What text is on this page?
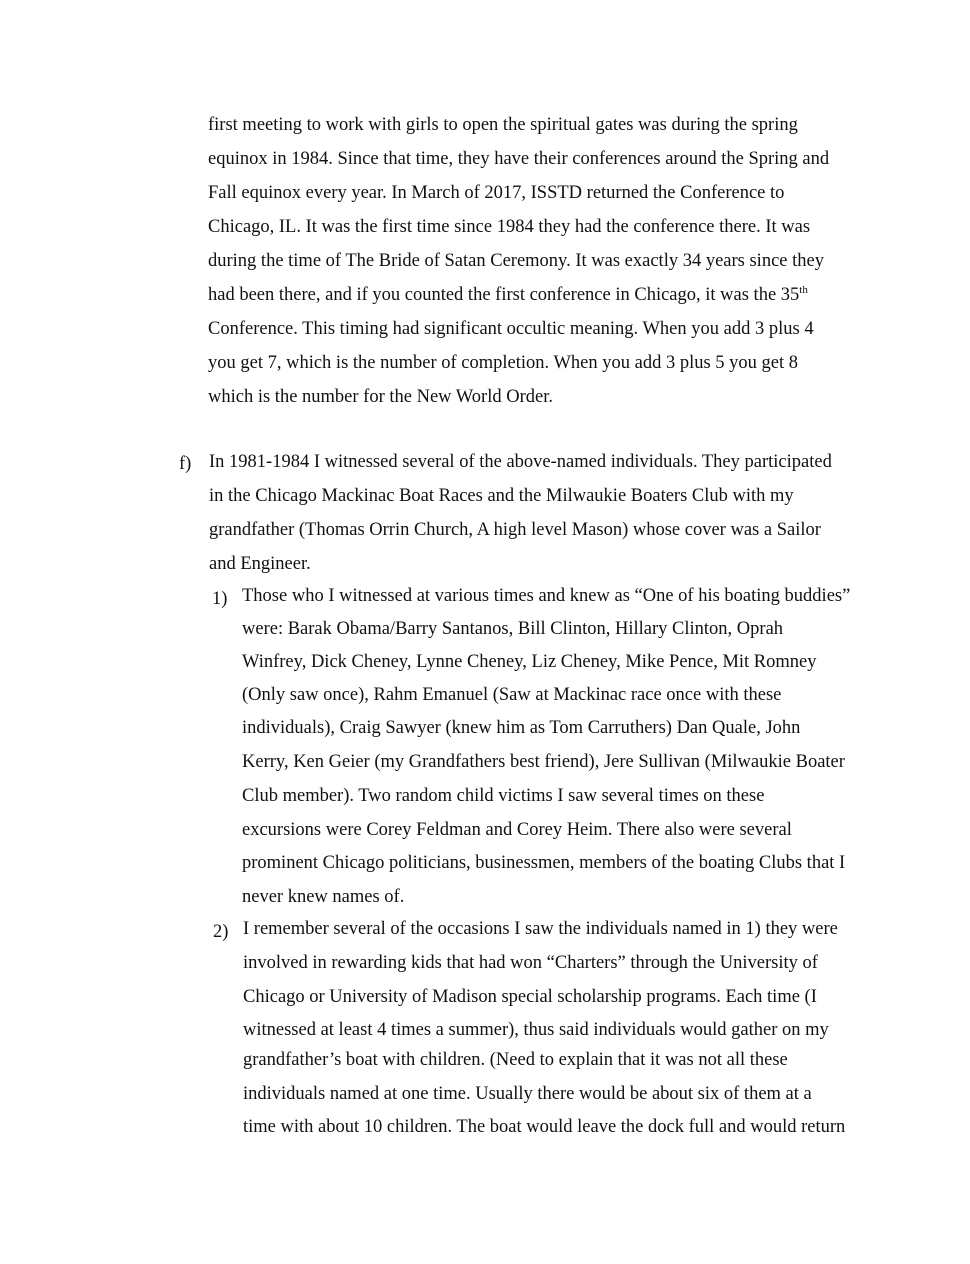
first meeting to work with girls to open the spiritual gates was during the spring
equinox in 1984. Since that time, they have their conferences around the Spring and
Fall equinox every year. In March of 2017, ISSTD returned the Conference to
Chicago, IL. It was the first time since 1984 they had the conference there. It was
during the time of The Bride of Satan Ceremony. It was exactly 34 years since they
had been there, and if you counted the first conference in Chicago, it was the 35th
Conference. This timing had significant occultic meaning. When you add 3 plus 4
you get 7, which is the number of completion. When you add 3 plus 5 you get 8
which is the number for the New World Order.
f) In 1981-1984 I witnessed several of the above-named individuals. They participated
in the Chicago Mackinac Boat Races and the Milwaukie Boaters Club with my
grandfather (Thomas Orrin Church, A high level Mason) whose cover was a Sailor
and Engineer.
1) Those who I witnessed at various times and knew as “One of his boating buddies”
were: Barak Obama/Barry Santanos, Bill Clinton, Hillary Clinton, Oprah
Winfrey, Dick Cheney, Lynne Cheney, Liz Cheney, Mike Pence, Mit Romney
(Only saw once), Rahm Emanuel (Saw at Mackinac race once with these
individuals), Craig Sawyer (knew him as Tom Carruthers) Dan Quale, John
Kerry, Ken Geier (my Grandfathers best friend), Jere Sullivan (Milwaukie Boater
Club member). Two random child victims I saw several times on these
excursions were Corey Feldman and Corey Heim. There also were several
prominent Chicago politicians, businessmen, members of the boating Clubs that I
never knew names of.
2) I remember several of the occasions I saw the individuals named in 1) they were
involved in rewarding kids that had won “Charters” through the University of
Chicago or University of Madison special scholarship programs. Each time (I
witnessed at least 4 times a summer), thus said individuals would gather on my
grandfather’s boat with children. (Need to explain that it was not all these
individuals named at one time. Usually there would be about six of them at a
time with about 10 children. The boat would leave the dock full and would return
